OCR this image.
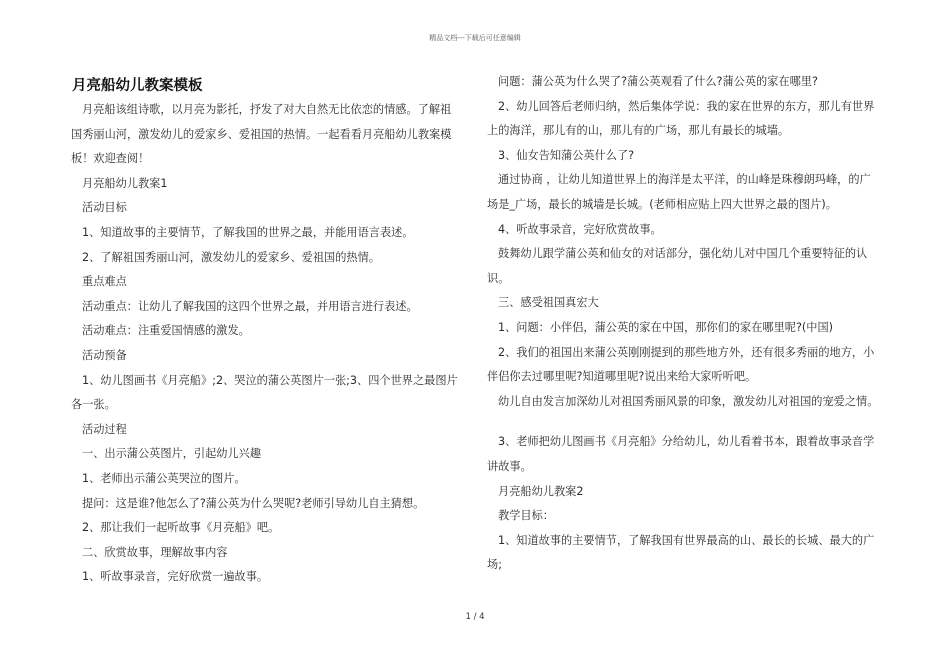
精品文档---下载后可任意编辑
月亮船幼儿教案模板

月亮船该组诗歌，以月亮为影托，抒发了对大自然无比依恋的情感。了解祖国秀丽山河，激发幼儿的爱家乡、爱祖国的热情。一起看看月亮船幼儿教案模板！欢迎查阅！

月亮船幼儿教案1

活动目标

1、知道故事的主要情节，了解我国的世界之最，并能用语言表述。

2、了解祖国秀丽山河，激发幼儿的爱家乡、爱祖国的热情。

重点难点

活动重点：让幼儿了解我国的这四个世界之最，并用语言进行表述。

活动难点：注重爱国情感的激发。

活动预备

1、幼儿图画书《月亮船》;2、哭泣的蒲公英图片一张;3、四个世界之最图片各一张。

活动过程

一、出示蒲公英图片，引起幼儿兴趣

1、老师出示蒲公英哭泣的图片。

提问：这是谁?他怎么了?蒲公英为什么哭呢?老师引导幼儿自主猜想。

2、那让我们一起听故事《月亮船》吧。

二、欣赏故事，理解故事内容

1、听故事录音，完好欣赏一遍故事。

问题：蒲公英为什么哭了?蒲公英观看了什么?蒲公英的家在哪里?

2、幼儿回答后老师归纳，然后集体学说：我的家在世界的东方，那儿有世界上的海洋，那儿有的山，那儿有的广场，那儿有最长的城墙。

3、仙女告知蒲公英什么了?

通过协商 ，让幼儿知道世界上的海洋是太平洋，的山峰是珠穆朗玛峰，的广场是_广场，最长的城墙是长城。(老师相应贴上四大世界之最的图片)。

4、听故事录音，完好欣赏故事。

鼓舞幼儿跟学蒲公英和仙女的对话部分，强化幼儿对中国几个重要特征的认识。

三、感受祖国真宏大

1、问题：小伴侣，蒲公英的家在中国，那你们的家在哪里呢?(中国)

2、我们的祖国出来蒲公英刚刚提到的那些地方外，还有很多秀丽的地方，小伴侣你去过哪里呢?知道哪里呢?说出来给大家听听吧。

幼儿自由发言加深幼儿对祖国秀丽风景的印象，激发幼儿对祖国的宠爱之情。

3、老师把幼儿图画书《月亮船》分给幼儿，幼儿看着书本，跟着故事录音学讲故事。

月亮船幼儿教案2

教学目标：

1、知道故事的主要情节，了解我国有世界最高的山、最长的长城、最大的广场;

1 / 4
